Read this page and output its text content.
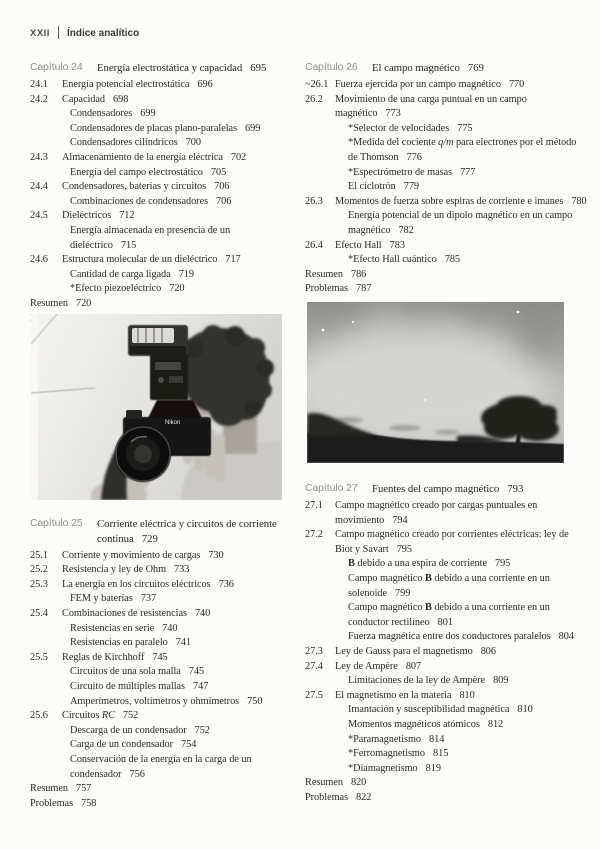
XXII Índice analítico
Capítulo 24	Energía electrostática y capacidad 695
24.1	Energía potencial electrostática 696
24.2	Capacidad 698
Condensadores 699
Condensadores de placas plano-paralelas 699
Condensadores cilíndricos 700
24.3	Almacenamiento de la energía eléctrica 702
Energía del campo electrostático 705
24.4	Condensadores, baterías y circuitos 706
Combinaciones de condensadores 706
24.5	Dieléctricos 712
Energía almacenada en presencia de un dieléctrico 715
24.6	Estructura molecular de un dieléctrico 717
Cantidad de carga ligada 719
*Efecto piezoeléctrico 720
Resumen 720
Capítulo 26	El campo magnético 769
~26.1 Fuerza ejercida por un campo magnético 770
26.2	Movimiento de una carga puntual en un campo
magnético 773
*Selector de velocidades 775
*Medida del cociente q/m para electrones por el método
de Thomson 776
*Espectrómetro de masas 777
El ciclotrón 779
26.3	Momentos de fuerza sobre espiras de corriente e imanes 780
Energía potencial de un dipolo magnético en un campo
magnético 782
26.4	Efecto Hall 783
*Efecto Hall cuántico 785
Resumen 786
Problemas 787
Nikon
Capítulo 25	Corriente eléctrica y circuitos de corriente
continua 729
25.1	Corriente y movimiento de cargas 730
25.2	Resistencia y ley de Ohm 733
25.3	La energía en los circuitos eléctricos 736
FEM y baterías 737
25.4	Combinaciones de resistencias 740
Resistencias en serie 740
Resistencias en paralelo 741
25.5	Reglas de Kirchhoff 745
Circuitos de una sola malla 745
Circuito de múltiples mallas 747
Amperímetros, voltímetros y ohmímetros 750
25.6	Circuitos RC 752
Descarga de un condensador 752
Carga de un condensador 754
Conservación de la energía en la carga de un
condensador 756
Resumen 757
Problemas 758
Capítulo 27	Fuentes del campo magnético 793
27.1	Campo magnético creado por cargas puntuales en
movimiento 794
27.2	Campo magnético creado por corrientes eléctricas: ley de
Biot y Savart 795
B debido a una espira de corriente 795
Campo magnético B debido a una corriente en un
solenoide 799
Campo magnético B debido a una corriente en un
conductor rectilíneo 801
Fuerza magnética entre dos conductores paralelos 804
27.3	Ley de Gauss para el magnetismo 806
27.4	Ley de Ampère 807
Limitaciones de la ley de Ampère 809
27.5	El magnetismo en la materia 810
Imantación y susceptibilidad magnética 810
Momentos magnéticos atómicos 812
*Paramagnetismo 814
*Ferromagnetismo 815
*Diamagnetismo 819
Resumen 820
Problemas 822
